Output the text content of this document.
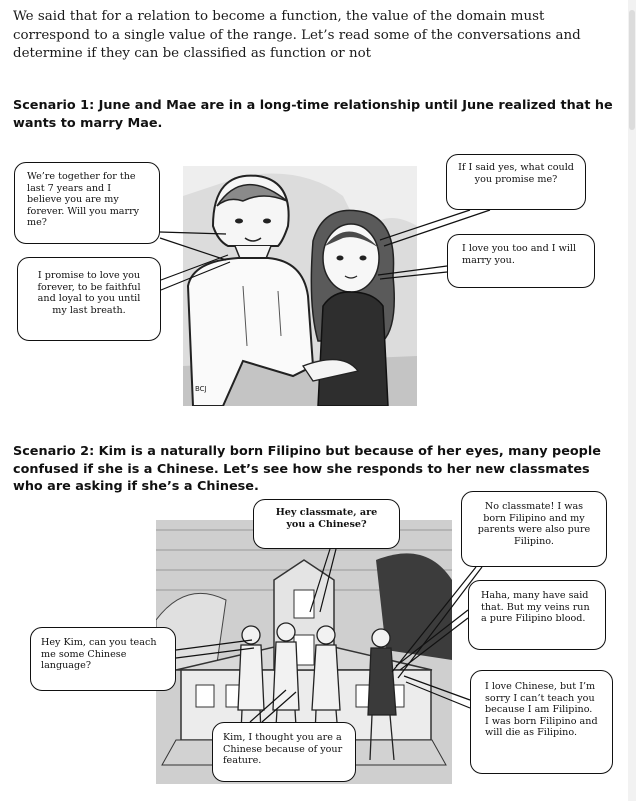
We said that for a relation to become a function, the value of the domain must correspond to a single value of the range. Let’s read some of the conversations and determine if they can be classified as function or not
Scenario 1: June and Mae are in a long-time relationship until June realized that he wants to marry Mae.
BCJ
We’re together for the last 7 years and I believe you are my forever. Will you marry me?
If I said yes, what could you promise me?
I promise to love you forever, to be faithful and loyal to you until my last breath.
I love you too and I will marry you.
Scenario 2: Kim is a naturally born Filipino but because of her eyes, many people confused if she is a Chinese. Let’s see how she responds to her new classmates who are asking if she’s a Chinese.
Hey classmate, are you a Chinese?
No classmate! I was born Filipino and my parents were also pure Filipino.
Haha, many have said that. But my veins run a pure Filipino blood.
Hey Kim, can you teach me some Chinese language?
I love Chinese, but I’m sorry I can’t teach you because I am Filipino. I was born Filipino and will die as Filipino.
Kim, I thought you are a Chinese because of your feature.
